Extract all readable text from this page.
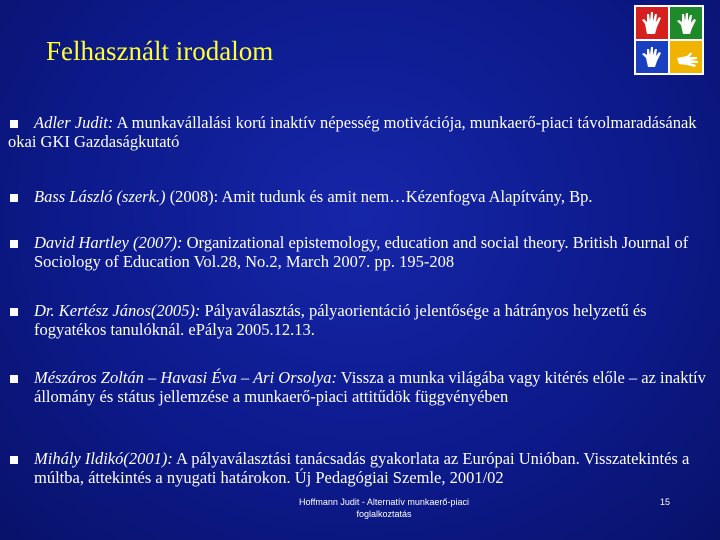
Felhasznált irodalom
Adler Judit: A munkavállalási korú inaktív népesség motivációja, munkaerő-piaci távolmaradásának okai GKI Gazdaságkutató
Bass László (szerk.) (2008): Amit tudunk és amit nem…Kézenfogva Alapítvány, Bp.
David Hartley (2007): Organizational epistemology, education and social theory. British Journal of Sociology of Education Vol.28, No.2, March 2007. pp. 195-208
Dr. Kertész János(2005): Pályaválasztás, pályaorientáció jelentősége a hátrányos helyzetű és fogyatékos tanulóknál. ePálya 2005.12.13.
Mészáros Zoltán – Havasi Éva – Ari Orsolya: Vissza a munka világába vagy kitérés előle – az inaktív állomány és státus jellemzése a munkaerő-piaci attitűdök függvényében
Mihály Ildikó(2001): A pályaválasztási tanácsadás gyakorlata az Európai Unióban. Visszatekintés a múltba, áttekintés a nyugati határokon. Új Pedagógiai Szemle, 2001/02
Hoffmann Judit - Alternatív munkaerő-piaci foglalkoztatás
15
